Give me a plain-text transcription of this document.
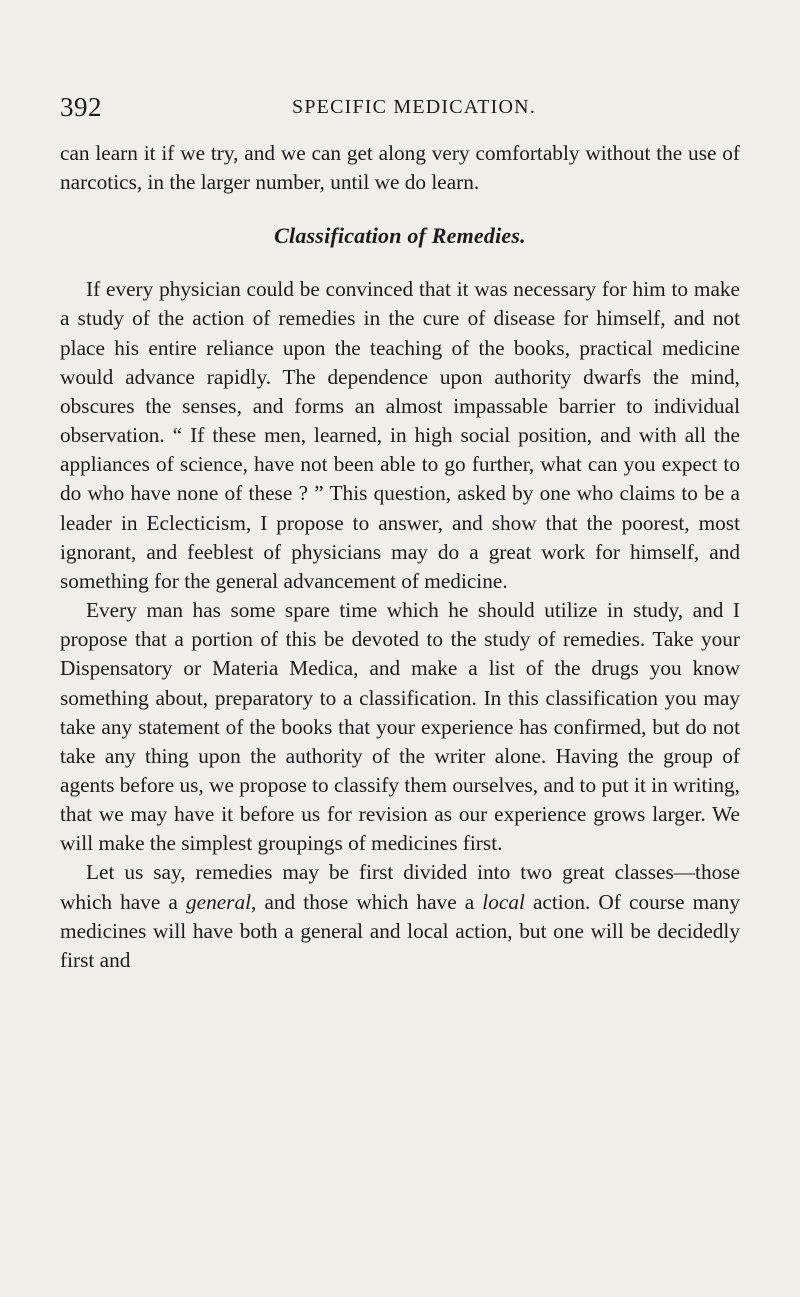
392	SPECIFIC MEDICATION.

can learn it if we try, and we can get along very comfortably without the use of narcotics, in the larger number, until we do learn.

Classification of Remedies.

If every physician could be convinced that it was necessary for him to make a study of the action of remedies in the cure of disease for himself, and not place his entire reliance upon the teaching of the books, practical medicine would advance rapidly. The dependence upon authority dwarfs the mind, obscures the senses, and forms an almost impassable barrier to individual observation. “ If these men, learned, in high social position, and with all the appliances of science, have not been able to go further, what can you expect to do who have none of these ? ” This question, asked by one who claims to be a leader in Eclecticism, I propose to answer, and show that the poorest, most ignorant, and feeblest of physicians may do a great work for himself, and something for the general advancement of medicine.

Every man has some spare time which he should utilize in study, and I propose that a portion of this be devoted to the study of remedies. Take your Dispensatory or Materia Medica, and make a list of the drugs you know something about, preparatory to a classification. In this classification you may take any statement of the books that your experience has confirmed, but do not take any thing upon the authority of the writer alone. Having the group of agents before us, we propose to classify them ourselves, and to put it in writing, that we may have it before us for revision as our experience grows larger. We will make the simplest groupings of medicines first.

Let us say, remedies may be first divided into two great classes—those which have a general, and those which have a local action. Of course many medicines will have both a general and local action, but one will be decidedly first and
